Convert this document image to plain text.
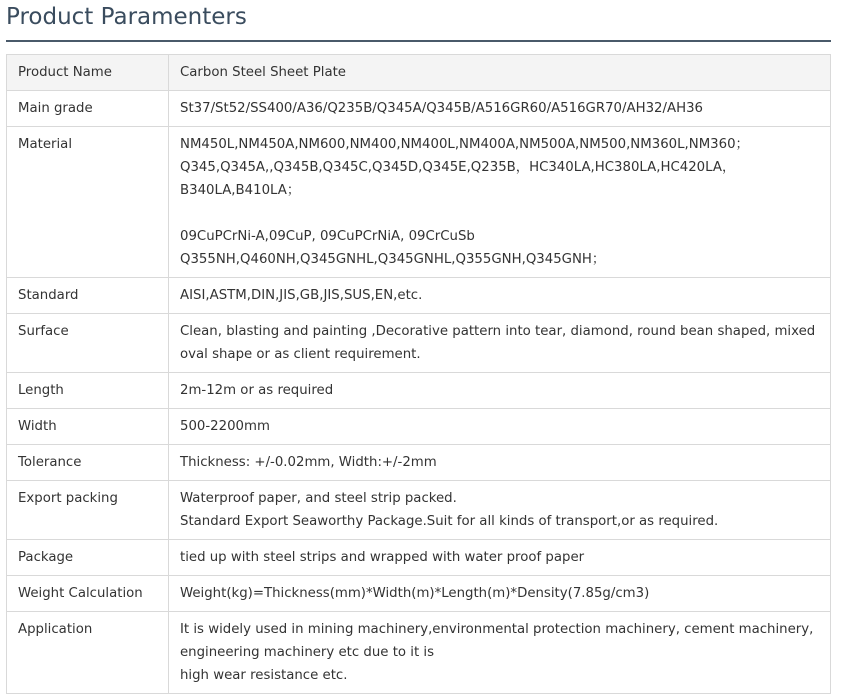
Product Paramenters
Product Name	Carbon Steel Sheet Plate
Main grade	St37/St52/SS400/A36/Q235B/Q345A/Q345B/A516GR60/A516GR70/AH32/AH36
Material	NM450L,NM450A,NM600,NM400,NM400L,NM400A,NM500A,NM500,NM360L,NM360；
Q345,Q345A,,Q345B,Q345C,Q345D,Q345E,Q235B，HC340LA,HC380LA,HC420LA，
B340LA,B410LA；

09CuPCrNi-A,09CuP, 09CuPCrNiA, 09CrCuSb
Q355NH,Q460NH,Q345GNHL,Q345GNHL,Q355GNH,Q345GNH；
Standard	AISI,ASTM,DIN,JIS,GB,JIS,SUS,EN,etc.
Surface	Clean, blasting and painting ,Decorative pattern into tear, diamond, round bean shaped, mixed oval shape or as client requirement.
Length	2m-12m or as required
Width	500-2200mm
Tolerance	Thickness: +/-0.02mm, Width:+/-2mm
Export packing	Waterproof paper, and steel strip packed.
Standard Export Seaworthy Package.Suit for all kinds of transport,or as required.
Package	tied up with steel strips and wrapped with water proof paper
Weight Calculation	Weight(kg)=Thickness(mm)*Width(m)*Length(m)*Density(7.85g/cm3)
Application	It is widely used in mining machinery,environmental protection machinery, cement machinery, engineering machinery etc due to it is
high wear resistance etc.
